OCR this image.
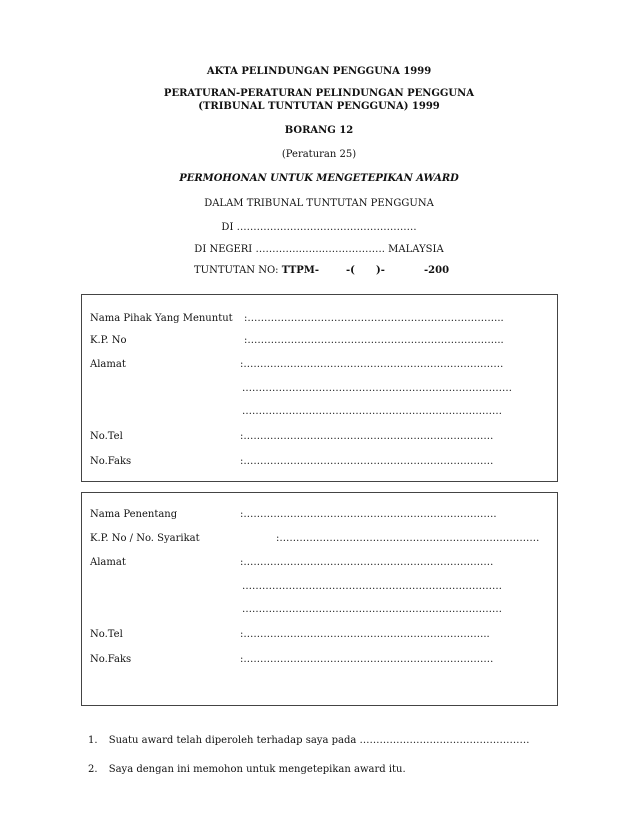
AKTA PELINDUNGAN PENGGUNA 1999
PERATURAN-PERATURAN PELINDUNGAN PENGGUNA
(TRIBUNAL TUNTUTAN PENGGUNA) 1999
BORANG 12
(Peraturan 25)
PERMOHONAN UNTUK MENGETEPIKAN AWARD
DALAM TRIBUNAL TUNTUTAN PENGGUNA
DI ………………………………………………
DI NEGERI ………….…….………………. MALAYSIA
TUNTUTAN NO: TTPM-	-( )-	-200
Nama Pihak Yang Menuntut :…………………………………………………………………..
K.P. No	:…………………………………………………………………..
Alamat	:……………………………………………………………………
………………………………………………………………………
……………………………………………………………………
No.Tel	:…………………………………………………………………
No.Faks	:…………………………………………………………………
Nama Penentang	:………………………………………………………………….
K.P. No / No. Syarikat	:……………………………………………………………………
Alamat	:…………………………………………………………………
……………………………………………………………………
……………………………………………………………………
No.Tel	:………………………………………………………………..
No.Faks	:…………………………………………………………………
1. Suatu award telah diperoleh terhadap saya pada ……………………………………………
2. Saya dengan ini memohon untuk mengetepikan award itu.
